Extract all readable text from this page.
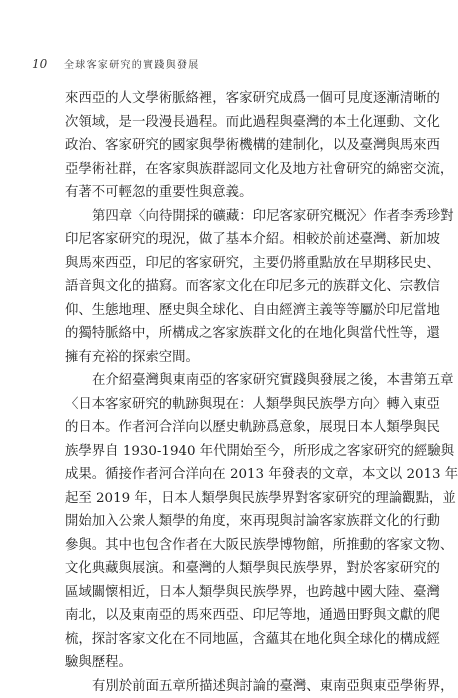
10	全球客家研究的實踐與發展
來西亞的人文學術脈絡裡，客家研究成爲一個可見度逐漸清晰的
次領域，是一段漫長過程。而此過程與臺灣的本土化運動、文化
政治、客家研究的國家與學術機構的建制化，以及臺灣與馬來西
亞學術社群，在客家與族群認同文化及地方社會研究的綿密交流，
有著不可輕忽的重要性與意義。
第四章〈向待開採的礦藏：印尼客家研究概況〉作者李秀珍對
印尼客家研究的現況，做了基本介紹。相較於前述臺灣、新加坡
與馬來西亞，印尼的客家研究，主要仍將重點放在早期移民史、
語音與文化的描寫。而客家文化在印尼多元的族群文化、宗教信
仰、生態地理、歷史與全球化、自由經濟主義等等屬於印尼當地
的獨特脈絡中，所構成之客家族群文化的在地化與當代性等，還
擁有充裕的探索空間。
在介紹臺灣與東南亞的客家研究實踐與發展之後，本書第五章
〈日本客家研究的軌跡與現在：人類學與民族學方向〉轉入東亞
的日本。作者河合洋向以歷史軌跡爲意象，展現日本人類學與民
族學界自 1930-1940 年代開始至今，所形成之客家研究的經驗與
成果。循接作者河合洋向在 2013 年發表的文章，本文以 2013 年
起至 2019 年，日本人類學與民族學界對客家研究的理論觀點，並
開始加入公衆人類學的角度，來再現與討論客家族群文化的行動
參與。其中也包含作者在大阪民族學博物館，所推動的客家文物、
文化典藏與展演。和臺灣的人類學與民族學界，對於客家研究的
區域關懷相近，日本人類學與民族學界，也跨越中國大陸、臺灣
南北，以及東南亞的馬來西亞、印尼等地，通過田野與文獻的爬
梳，探討客家文化在不同地區，含蘊其在地化與全球化的構成經
驗與歷程。
有別於前面五章所描述與討論的臺灣、東南亞與東亞學術界，
